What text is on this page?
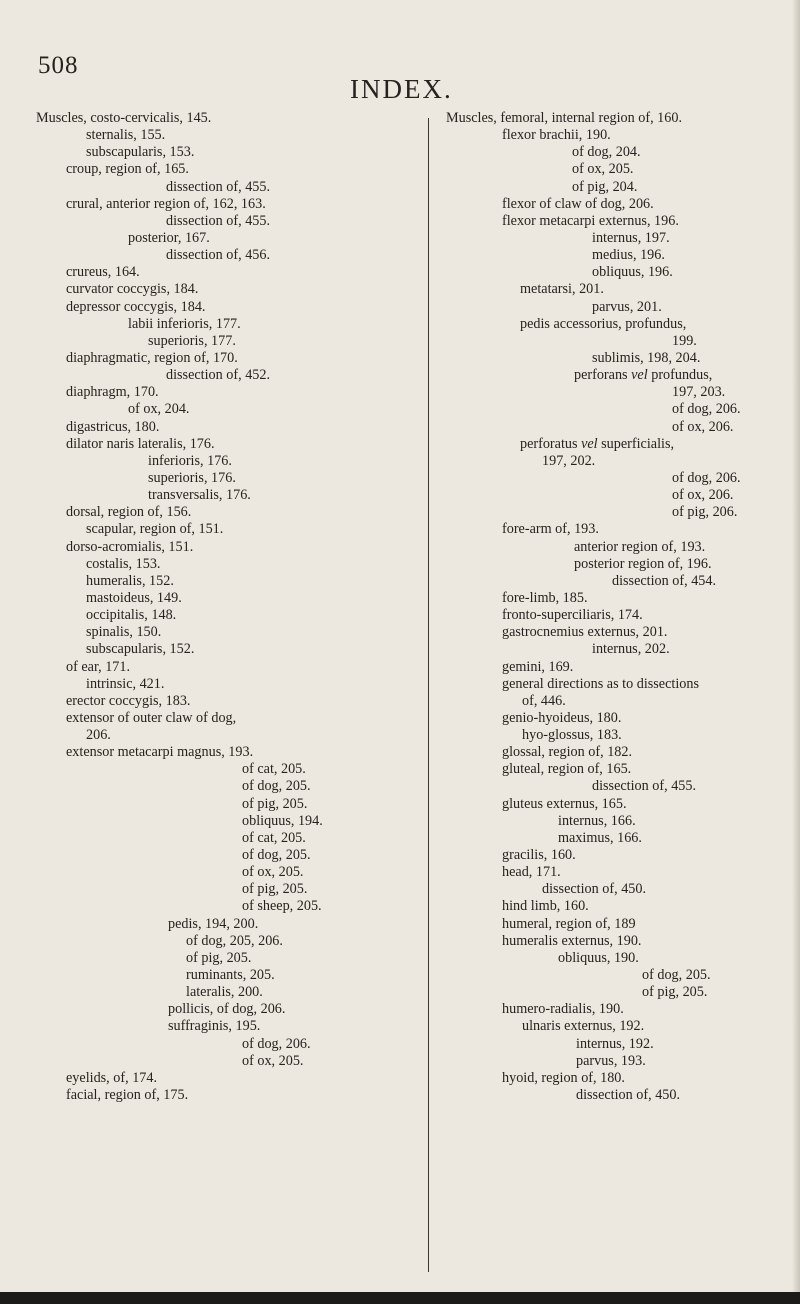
508
INDEX.
Muscles, costo-cervicalis, 145.
sternalis, 155.
subscapularis, 153.
croup, region of, 165.
dissection of, 455.
crural, anterior region of, 162, 163.
dissection of, 455.
posterior, 167.
dissection of, 456.
crureus, 164.
curvator coccygis, 184.
depressor coccygis, 184.
labii inferioris, 177.
superioris, 177.
diaphragmatic, region of, 170.
dissection of, 452.
diaphragm, 170.
of ox, 204.
digastricus, 180.
dilator naris lateralis, 176.
inferioris, 176.
superioris, 176.
transversalis, 176.
dorsal, region of, 156.
scapular, region of, 151.
dorso-acromialis, 151.
costalis, 153.
humeralis, 152.
mastoideus, 149.
occipitalis, 148.
spinalis, 150.
subscapularis, 152.
of ear, 171.
intrinsic, 421.
erector coccygis, 183.
extensor of outer claw of dog,
206.
extensor metacarpi magnus, 193.
of cat, 205.
of dog, 205.
of pig, 205.
obliquus, 194.
of cat, 205.
of dog, 205.
of ox, 205.
of pig, 205.
of sheep, 205.
pedis, 194, 200.
of dog, 205, 206.
of pig, 205.
ruminants, 205.
lateralis, 200.
pollicis, of dog, 206.
suffraginis, 195.
of dog, 206.
of ox, 205.
eyelids, of, 174.
facial, region of, 175.
Muscles, femoral, internal region of, 160.
flexor brachii, 190.
of dog, 204.
of ox, 205.
of pig, 204.
flexor of claw of dog, 206.
flexor metacarpi externus, 196.
internus, 197.
medius, 196.
obliquus, 196.
metatarsi, 201.
parvus, 201.
pedis accessorius, profundus,
199.
sublimis, 198, 204.
perforans vel profundus,
197, 203.
of dog, 206.
of ox, 206.
perforatus vel superficialis,
197, 202.
of dog, 206.
of ox, 206.
of pig, 206.
fore-arm of, 193.
anterior region of, 193.
posterior region of, 196.
dissection of, 454.
fore-limb, 185.
fronto-superciliaris, 174.
gastrocnemius externus, 201.
internus, 202.
gemini, 169.
general directions as to dissections
of, 446.
genio-hyoideus, 180.
hyo-glossus, 183.
glossal, region of, 182.
gluteal, region of, 165.
dissection of, 455.
gluteus externus, 165.
internus, 166.
maximus, 166.
gracilis, 160.
head, 171.
dissection of, 450.
hind limb, 160.
humeral, region of, 189
humeralis externus, 190.
obliquus, 190.
of dog, 205.
of pig, 205.
humero-radialis, 190.
ulnaris externus, 192.
internus, 192.
parvus, 193.
hyoid, region of, 180.
dissection of, 450.
